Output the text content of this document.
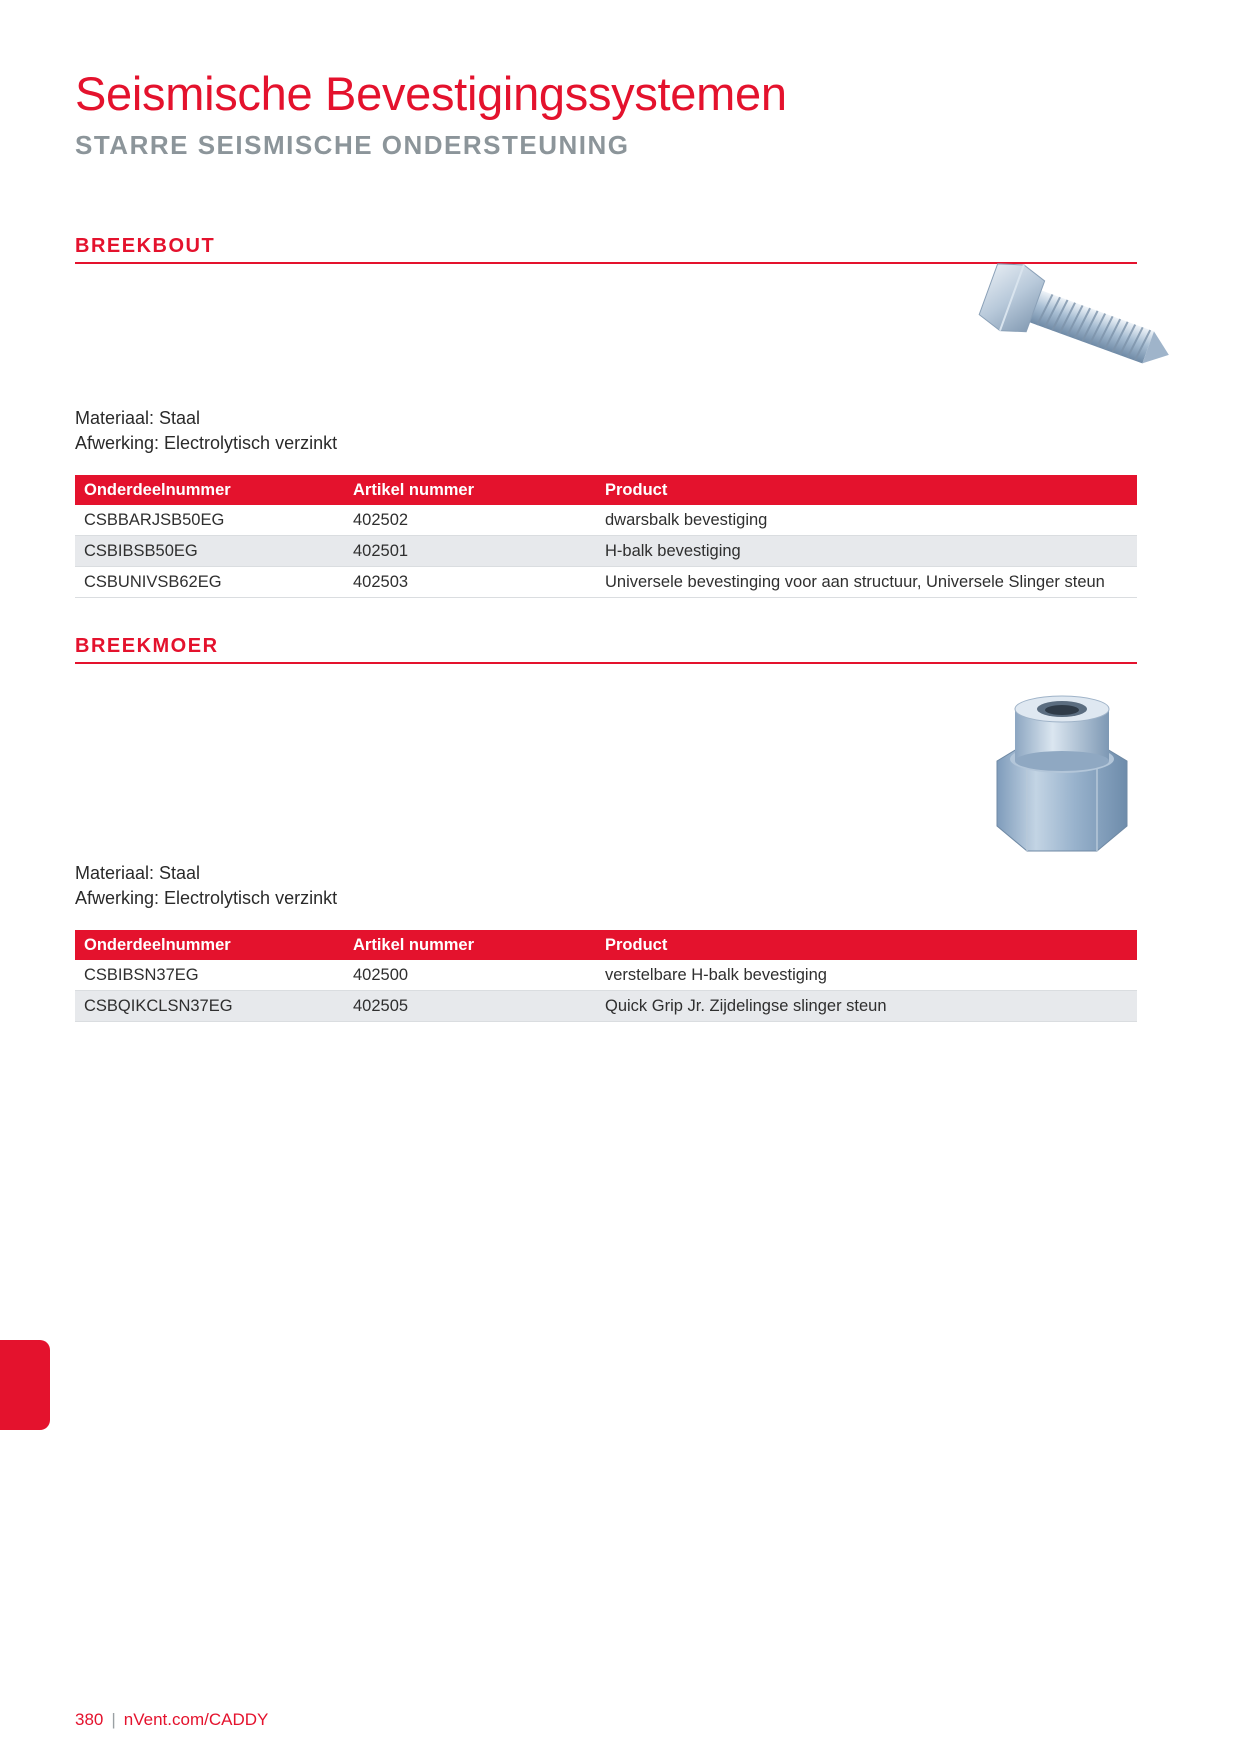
Seismische Bevestigingssystemen
STARRE SEISMISCHE ONDERSTEUNING
BREEKBOUT
Materiaal: Staal
Afwerking: Electrolytisch verzinkt
Onderdeelnummer	Artikel nummer	Product
CSBBARJSB50EG	402502	dwarsbalk bevestiging
CSBIBSB50EG	402501	H-balk bevestiging
CSBUNIVSB62EG	402503	Universele bevestinging voor aan structuur, Universele Slinger steun
BREEKMOER
Materiaal: Staal
Afwerking: Electrolytisch verzinkt
Onderdeelnummer	Artikel nummer	Product
CSBIBSN37EG	402500	verstelbare H-balk bevestiging
CSBQIKCLSN37EG	402505	Quick Grip Jr. Zijdelingse slinger steun
380 | nVent.com/CADDY
